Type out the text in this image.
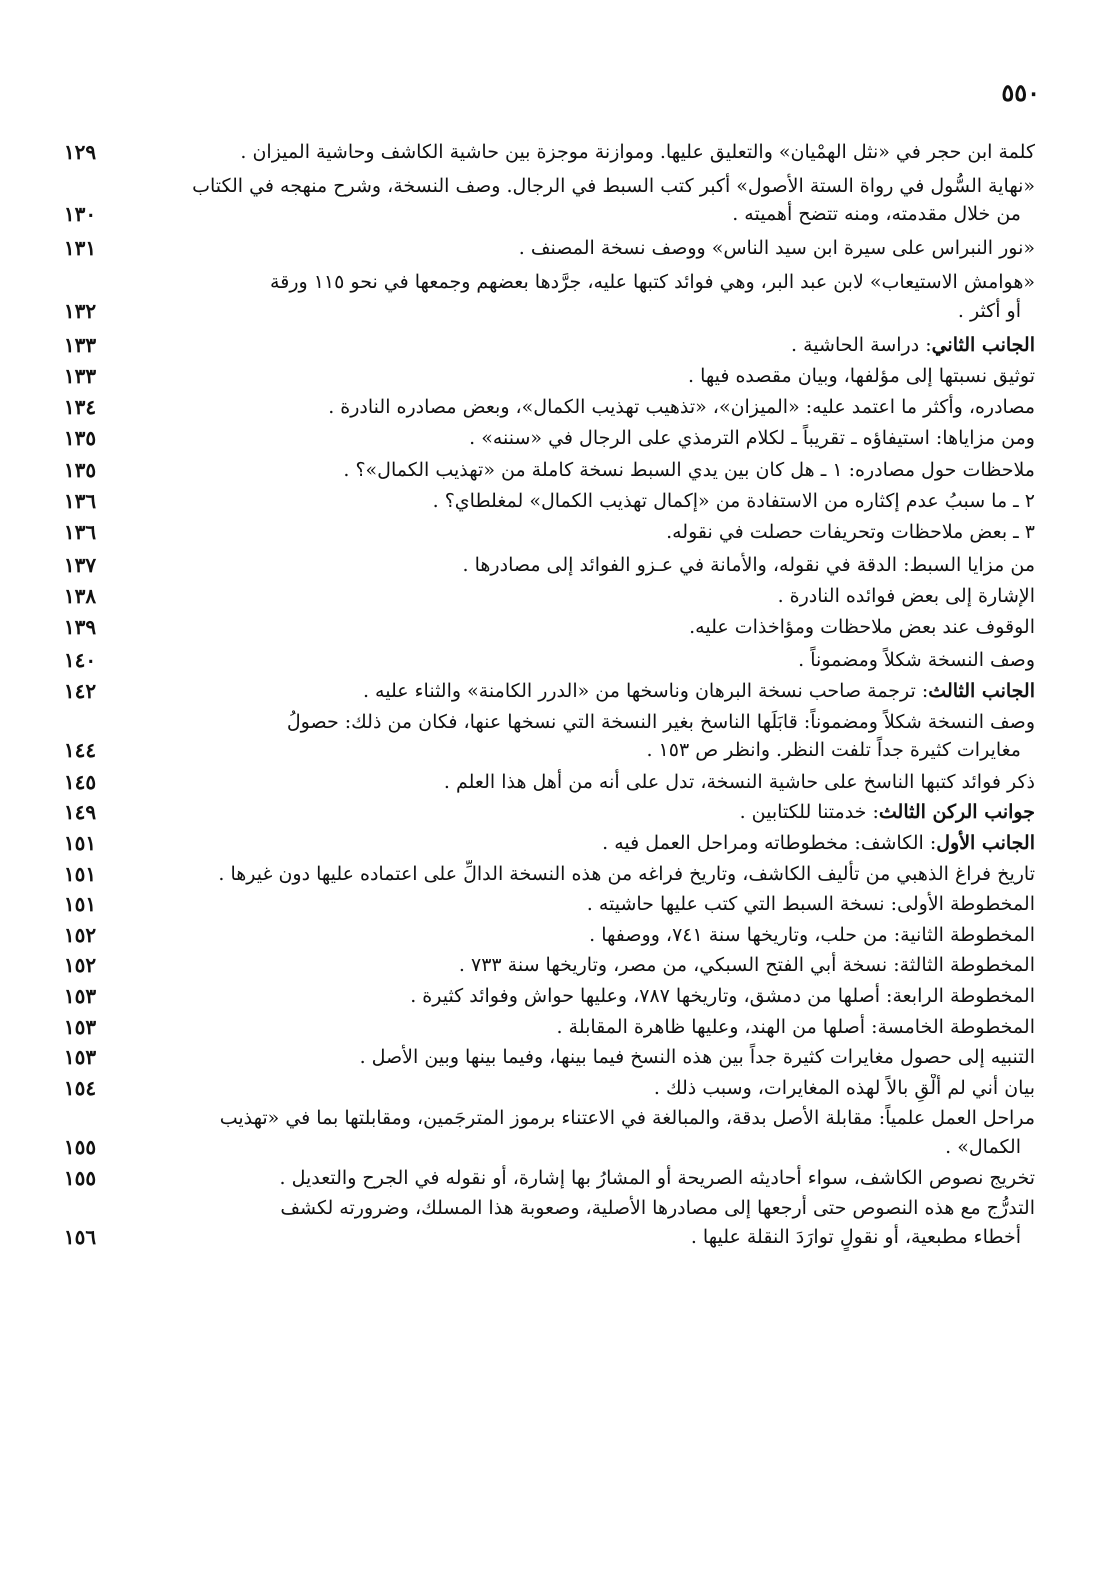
٥٥٠
كلمة ابن حجر في «نثل الهمْيان» والتعليق عليها. وموازنة موجزة بين حاشية الكاشف وحاشية الميزان .
١٢٩
«نهاية السُّول في رواة الستة الأصول» أكبر كتب السبط في الرجال. وصف النسخة، وشرح منهجه في الكتاب
من خلال مقدمته، ومنه تتضح أهميته .
١٣٠
«نور النبراس على سيرة ابن سيد الناس» ووصف نسخة المصنف .
١٣١
«هوامش الاستيعاب» لابن عبد البر، وهي فوائد كتبها عليه، جرَّدها بعضهم وجمعها في نحو ١١٥ ورقة
أو أكثر .
١٣٢
الجانب الثاني: دراسة الحاشية .
١٣٣
توثيق نسبتها إلى مؤلفها، وبيان مقصده فيها .
١٣٣
مصادره، وأكثر ما اعتمد عليه: «الميزان»، «تذهيب تهذيب الكمال»، وبعض مصادره النادرة .
١٣٤
ومن مزاياها: استيفاؤه ـ تقريباً ـ لكلام الترمذي على الرجال في «سننه» .
١٣٥
ملاحظات حول مصادره: ١ ـ هل كان بين يدي السبط نسخة كاملة من «تهذيب الكمال»؟ .
١٣٥
٢ ـ ما سببُ عدم إكثاره من الاستفادة من «إكمال تهذيب الكمال» لمغلطاي؟ .
١٣٦
٣ ـ بعض ملاحظات وتحريفات حصلت في نقوله.
١٣٦
من مزايا السبط: الدقة في نقوله، والأمانة في عـزو الفوائد إلى مصادرها .
١٣٧
الإشارة إلى بعض فوائده النادرة .
١٣٨
الوقوف عند بعض ملاحظات ومؤاخذات عليه.
١٣٩
وصف النسخة شكلاً ومضموناً .
١٤٠
الجانب الثالث: ترجمة صاحب نسخة البرهان وناسخها من «الدرر الكامنة» والثناء عليه .
١٤٢
وصف النسخة شكلاً ومضموناً: قابَلَها الناسخ بغير النسخة التي نسخها عنها، فكان من ذلك: حصولُ
مغايرات كثيرة جداً تلفت النظر. وانظر ص ١٥٣ .
١٤٤
ذكر فوائد كتبها الناسخ على حاشية النسخة، تدل على أنه من أهل هذا العلم .
١٤٥
جوانب الركن الثالث: خدمتنا للكتابين .
١٤٩
الجانب الأول: الكاشف: مخطوطاته ومراحل العمل فيه .
١٥١
تاريخ فراغ الذهبي من تأليف الكاشف، وتاريخ فراغه من هذه النسخة الدالِّ على اعتماده عليها دون غيرها .
١٥١
المخطوطة الأولى: نسخة السبط التي كتب عليها حاشيته .
١٥١
المخطوطة الثانية: من حلب، وتاريخها سنة ٧٤١، ووصفها .
١٥٢
المخطوطة الثالثة: نسخة أبي الفتح السبكي، من مصر، وتاريخها سنة ٧٣٣ .
١٥٢
المخطوطة الرابعة: أصلها من دمشق، وتاريخها ٧٨٧، وعليها حواش وفوائد كثيرة .
١٥٣
المخطوطة الخامسة: أصلها من الهند، وعليها ظاهرة المقابلة .
١٥٣
التنبيه إلى حصول مغايرات كثيرة جداً بين هذه النسخ فيما بينها، وفيما بينها وبين الأصل .
١٥٣
بيان أني لم أُلْقِ بالاً لهذه المغايرات، وسبب ذلك .
١٥٤
مراحل العمل علمياً: مقابلة الأصل بدقة، والمبالغة في الاعتناء برموز المترجَمين، ومقابلتها بما في «تهذيب
الكمال» .
١٥٥
تخريج نصوص الكاشف، سواء أحاديثه الصريحة أو المشارُ بها إشارة، أو نقوله في الجرح والتعديل .
١٥٥
التدرُّج مع هذه النصوص حتى أُرجعها إلى مصادرها الأصلية، وصعوبة هذا المسلك، وضرورته لكشف
أخطاء مطبعية، أو نقولٍ توارَدَ النقلة عليها .
١٥٦
